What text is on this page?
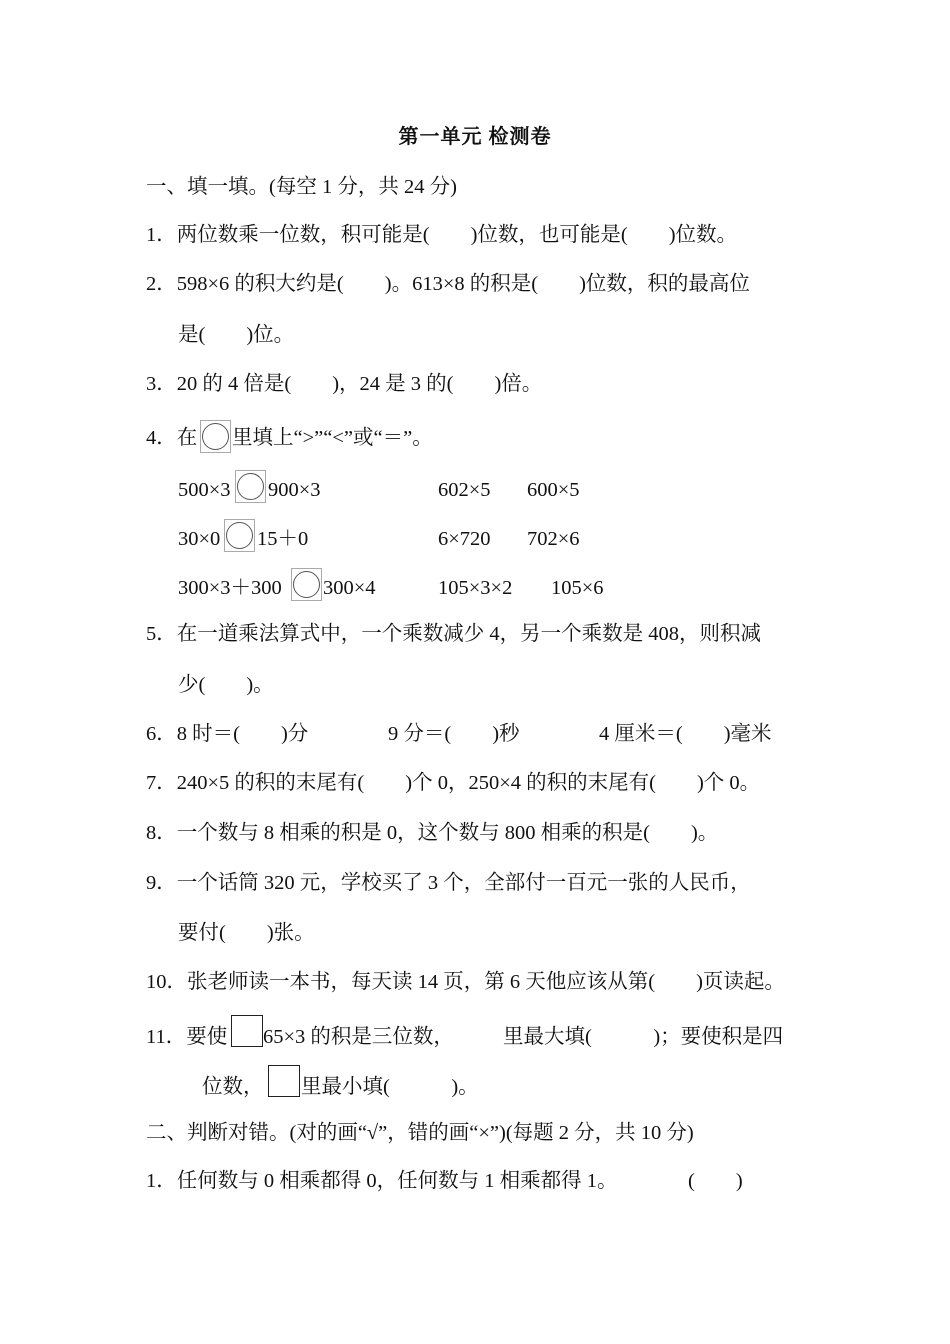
第一单元 检测卷
一、填一填。(每空 1 分，共 24 分)
1．两位数乘一位数，积可能是(　　)位数，也可能是(　　)位数。
2．598×6 的积大约是(　　)。613×8 的积是(　　)位数，积的最高位
是(　　)位。
3．20 的 4 倍是(　　)，24 是 3 的(　　)倍。
4．在 里填上“>”“<”或“＝”。
500×3 900×3	602×5 600×5
30×0 15＋0	6×720 702×6
300×3＋300 300×4	105×3×2 105×6
5．在一道乘法算式中，一个乘数减少 4，另一个乘数是 408，则积减
少(　　)。
6．8 时＝(　　)分	9 分＝(　　)秒	4 厘米＝(　　)毫米
7．240×5 的积的末尾有(　　)个 0，250×4 的积的末尾有(　　)个 0。
8．一个数与 8 相乘的积是 0，这个数与 800 相乘的积是(　　)。
9．一个话筒 320 元，学校买了 3 个，全部付一百元一张的人民币，
要付(　　)张。
10．张老师读一本书，每天读 14 页，第 6 天他应该从第(　　)页读起。
11．要使 65×3 的积是三位数， 里最大填(　　　)；要使积是四
位数， 里最小填(　　　)。
二、判断对错。(对的画“√”，错的画“×”)(每题 2 分，共 10 分)
1．任何数与 0 相乘都得 0，任何数与 1 相乘都得 1。	(　　)
